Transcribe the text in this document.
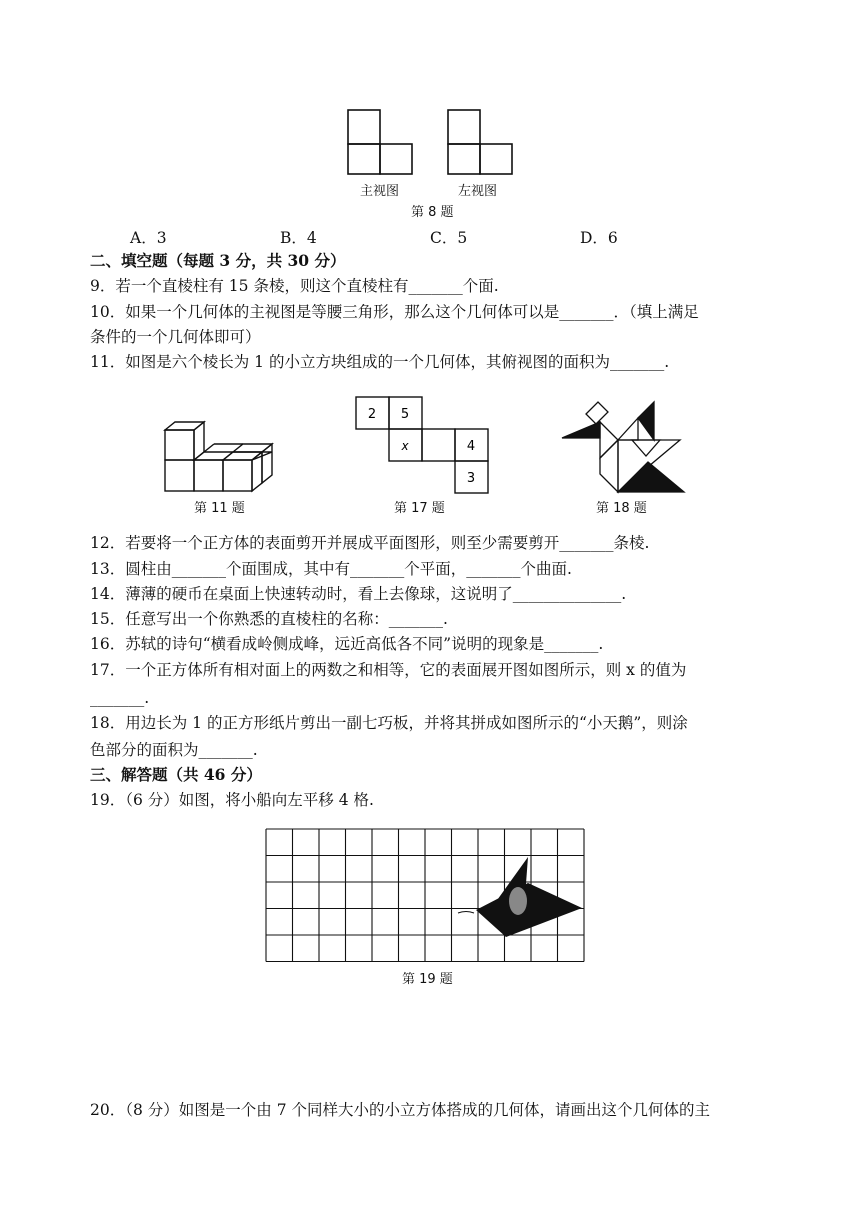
主视图	左视图
第 8 题
A．3	B．4	C．5	D．6
二、填空题（每题 3 分，共 30 分）
9．若一个直棱柱有 15 条棱，则这个直棱柱有_______个面.
10．如果一个几何体的主视图是等腰三角形，那么这个几何体可以是_______．（填上满足
条件的一个几何体即可）
11．如图是六个棱长为 1 的小立方块组成的一个几何体，其俯视图的面积为_______.
第 11 题
2 5
x	4
3
第 17 题	第 18 题
12．若要将一个正方体的表面剪开并展成平面图形，则至少需要剪开_______条棱.
13．圆柱由_______个面围成，其中有_______个平面，_______个曲面.
14．薄薄的硬币在桌面上快速转动时，看上去像球，这说明了______________.
15．任意写出一个你熟悉的直棱柱的名称：_______.
16．苏轼的诗句“横看成岭侧成峰，远近高低各不同”说明的现象是_______.
17．一个正方体所有相对面上的两数之和相等，它的表面展开图如图所示，则 x 的值为
_______.
18．用边长为 1 的正方形纸片剪出一副七巧板，并将其拼成如图所示的“小天鹅”，则涂
色部分的面积为_______.
三、解答题（共 46 分）
19．（6 分）如图，将小船向左平移 4 格.
第 19 题
20．（8 分）如图是一个由 7 个同样大小的小立方体搭成的几何体，请画出这个几何体的主
